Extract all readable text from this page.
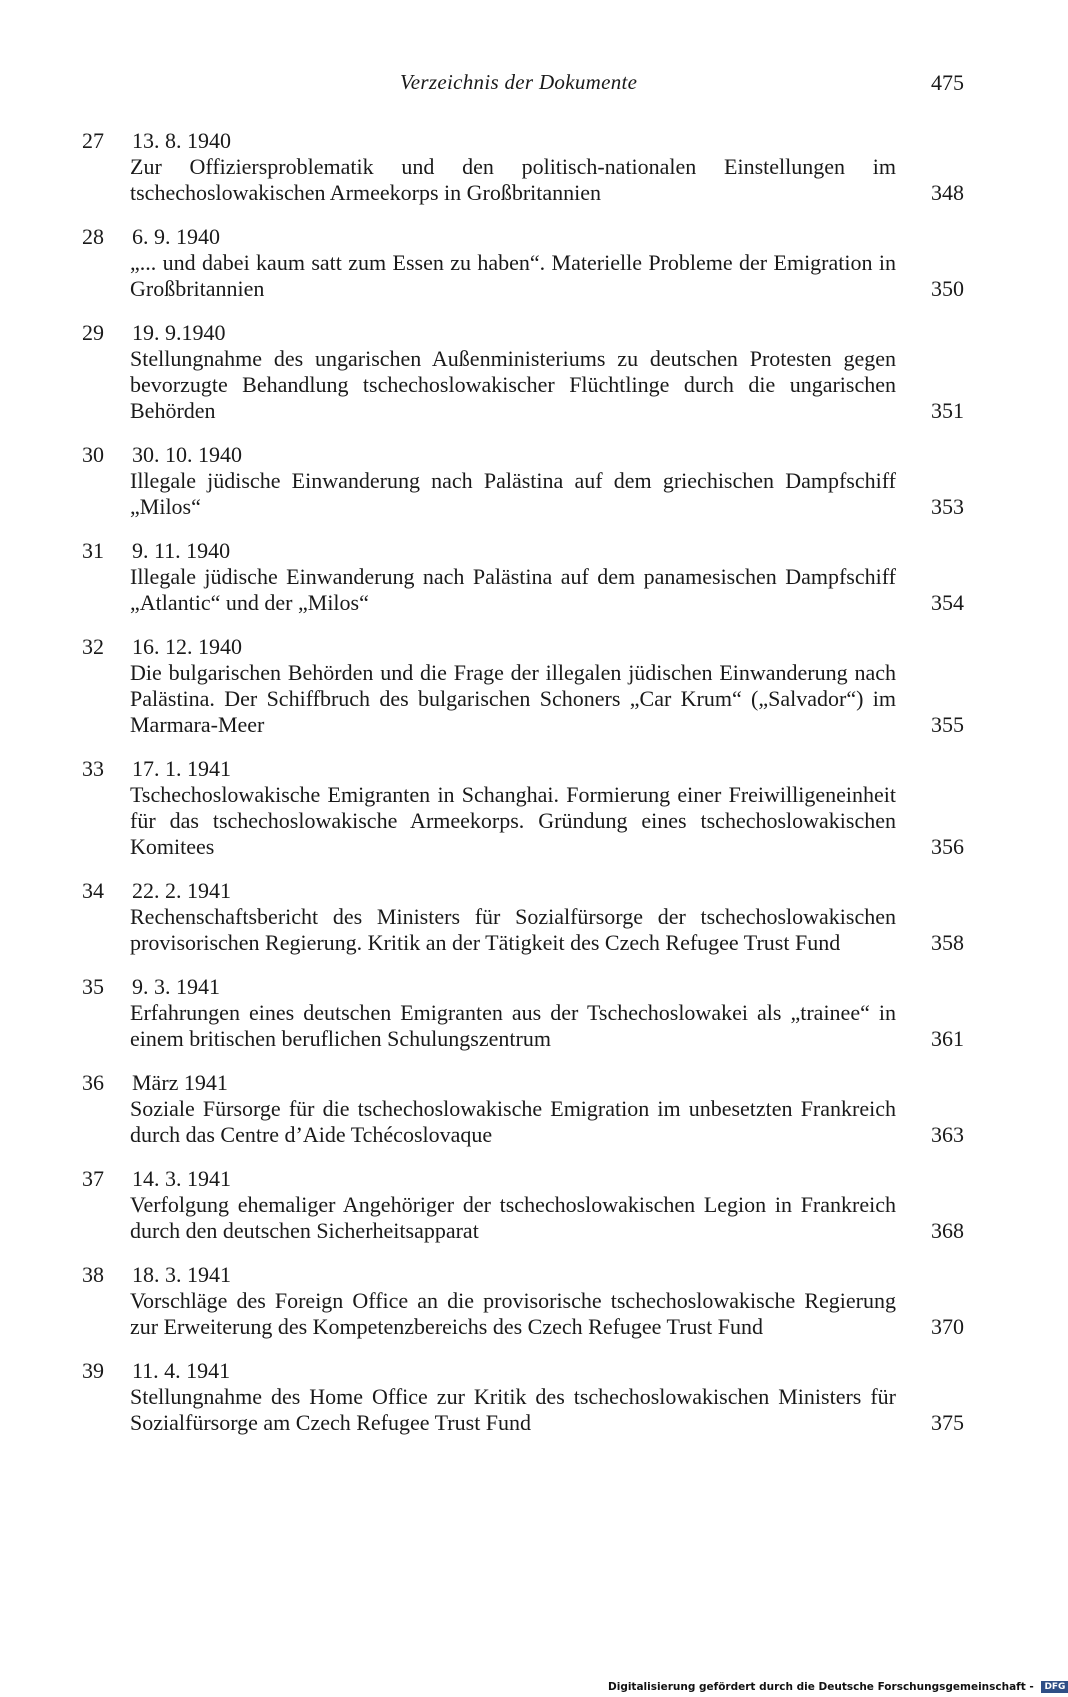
Verzeichnis der Dokumente	475
27 13. 8. 1940
Zur Offiziersproblematik und den politisch-nationalen Einstellungen im tschechoslowakischen Armeekorps in Großbritannien	348
28 6. 9. 1940
„... und dabei kaum satt zum Essen zu haben“. Materielle Probleme der Emigration in Großbritannien	350
29 19. 9.1940
Stellungnahme des ungarischen Außenministeriums zu deutschen Protesten gegen bevorzugte Behandlung tschechoslowakischer Flüchtlinge durch die ungarischen Behörden	351
30 30. 10. 1940
Illegale jüdische Einwanderung nach Palästina auf dem griechischen Dampfschiff „Milos“	353
31 9. 11. 1940
Illegale jüdische Einwanderung nach Palästina auf dem panamesischen Dampfschiff „Atlantic“ und der „Milos“	354
32 16. 12. 1940
Die bulgarischen Behörden und die Frage der illegalen jüdischen Einwanderung nach Palästina. Der Schiffbruch des bulgarischen Schoners „Car Krum“ („Salvador“) im Marmara-Meer	355
33 17. 1. 1941
Tschechoslowakische Emigranten in Schanghai. Formierung einer Freiwilligeneinheit für das tschechoslowakische Armeekorps. Gründung eines tschechoslowakischen Komitees	356
34 22. 2. 1941
Rechenschaftsbericht des Ministers für Sozialfürsorge der tschechoslowakischen provisorischen Regierung. Kritik an der Tätigkeit des Czech Refugee Trust Fund	358
35 9. 3. 1941
Erfahrungen eines deutschen Emigranten aus der Tschechoslowakei als „trainee“ in einem britischen beruflichen Schulungszentrum	361
36 März 1941
Soziale Fürsorge für die tschechoslowakische Emigration im unbesetzten Frankreich durch das Centre d’Aide Tchécoslovaque	363
37 14. 3. 1941
Verfolgung ehemaliger Angehöriger der tschechoslowakischen Legion in Frankreich durch den deutschen Sicherheitsapparat	368
38 18. 3. 1941
Vorschläge des Foreign Office an die provisorische tschechoslowakische Regierung zur Erweiterung des Kompetenzbereichs des Czech Refugee Trust Fund	370
39 11. 4. 1941
Stellungnahme des Home Office zur Kritik des tschechoslowakischen Ministers für Sozialfürsorge am Czech Refugee Trust Fund	375
Digitalisierung gefördert durch die Deutsche Forschungsgemeinschaft - DFG
